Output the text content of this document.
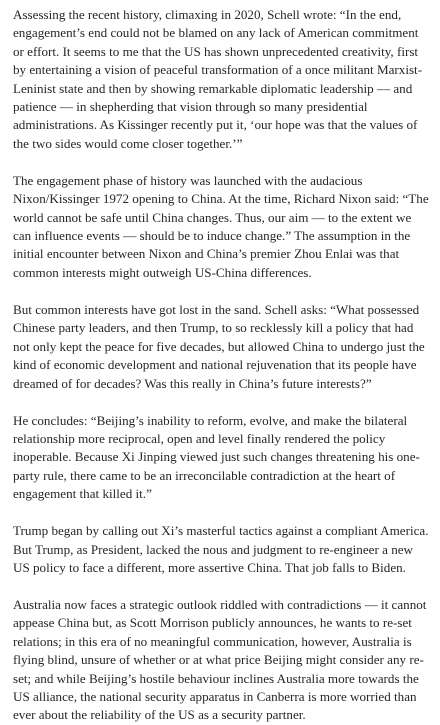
Assessing the recent history, climaxing in 2020, Schell wrote: “In the end, engagement’s end could not be blamed on any lack of American commitment or effort. It seems to me that the US has shown unprecedented creativity, first by entertaining a vision of peaceful transformation of a once militant Marxist-Leninist state and then by showing remarkable diplomatic leadership — and patience — in shepherding that vision through so many presidential administrations. As Kissinger recently put it, ‘our hope was that the values of the two sides would come closer together.’”

The engagement phase of history was launched with the audacious Nixon/Kissinger 1972 opening to China. At the time, Richard Nixon said: “The world cannot be safe until China changes. Thus, our aim — to the extent we can influence events — should be to induce change.” The assumption in the initial encounter between Nixon and China’s premier Zhou Enlai was that common interests might outweigh US-China differences.

But common interests have got lost in the sand. Schell asks: “What possessed Chinese party leaders, and then Trump, to so recklessly kill a policy that had not only kept the peace for five decades, but allowed China to undergo just the kind of economic development and national rejuvenation that its people have dreamed of for decades? Was this really in China’s future interests?”

He concludes: “Beijing’s inability to reform, evolve, and make the bilateral relationship more reciprocal, open and level finally rendered the policy inoperable. Because Xi Jinping viewed just such changes threatening his one-party rule, there came to be an irreconcilable contradiction at the heart of engagement that killed it.”

Trump began by calling out Xi’s masterful tactics against a compliant America. But Trump, as President, lacked the nous and judgment to re-engineer a new US policy to face a different, more assertive China. That job falls to Biden.

Australia now faces a strategic outlook riddled with contradictions — it cannot appease China but, as Scott Morrison publicly announces, he wants to re-set relations; in this era of no meaningful communication, however, Australia is flying blind, unsure of whether or at what price Beijing might consider any re-set; and while Beijing’s hostile behaviour inclines Australia more towards the US alliance, the national security apparatus in Canberra is more worried than ever about the reliability of the US as a security partner.
